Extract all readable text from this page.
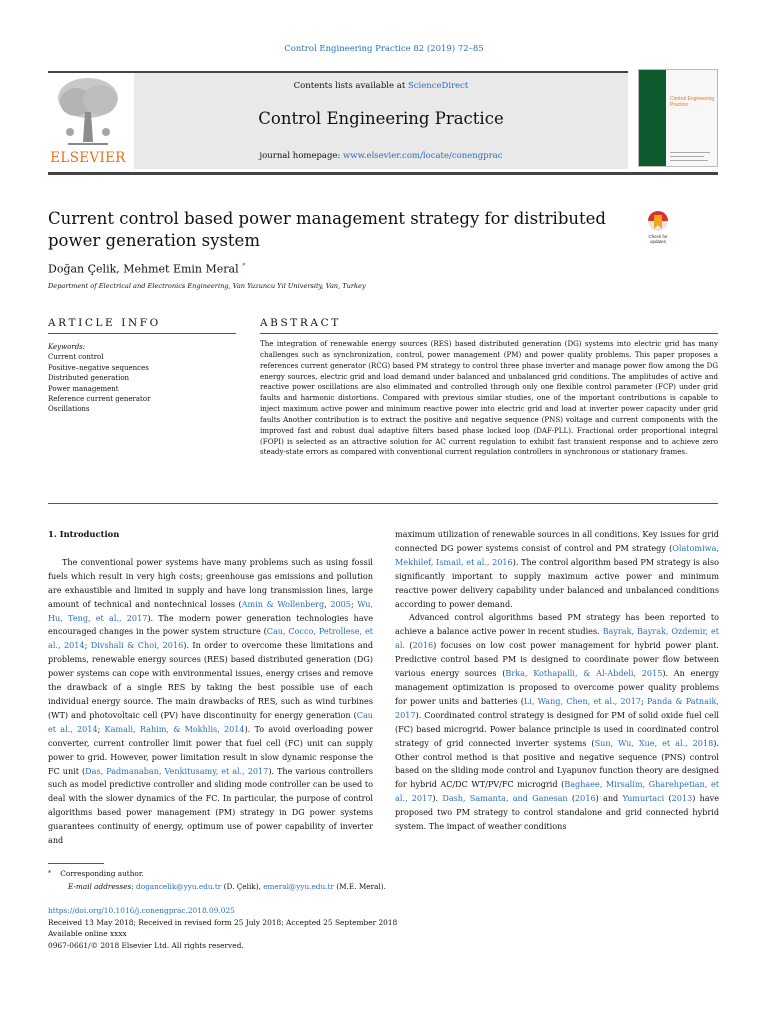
Control Engineering Practice 82 (2019) 72–85
Contents lists available at ScienceDirect
Control Engineering Practice
journal homepage: www.elsevier.com/locate/conengprac
ELSEVIER
Control Engineering Practice
Current control based power management strategy for distributed power generation system	Check for updates
Doğan Çelik, Mehmet Emin Meral *
Department of Electrical and Electronics Engineering, Van Yuzuncu Yıl University, Van, Turkey
ARTICLE INFO	ABSTRACT
Keywords:
Current control
Positive–negative sequences
Distributed generation
Power management
Reference current generator
Oscillations
The integration of renewable energy sources (RES) based distributed generation (DG) systems into electric grid has many challenges such as synchronization, control, power management (PM) and power quality problems. This paper proposes a references current generator (RCG) based PM strategy to control three phase inverter and manage power flow among the DG energy sources, electric grid and load demand under balanced and unbalanced grid conditions. The amplitudes of active and reactive power oscillations are also eliminated and controlled through only one flexible control parameter (FCP) under grid faults and harmonic distortions. Compared with previous similar studies, one of the important contributions is capable to inject maximum active power and minimum reactive power into electric grid and load at inverter power capacity under grid faults Another contribution is to extract the positive and negative sequence (PNS) voltage and current components with the improved fast and robust dual adaptive filters based phase locked loop (DAF-PLL). Fractional order proportional integral (FOPI) is selected as an attractive solution for AC current regulation to exhibit fast transient response and to achieve zero steady-state errors as compared with conventional current regulation controllers in synchronous or stationary frames.
1. Introduction

The conventional power systems have many problems such as using fossil fuels which result in very high costs; greenhouse gas emissions and pollution are exhaustible and limited in supply and have long transmission lines, large amount of technical and nontechnical losses (Amin & Wollenberg, 2005; Wu, Hu, Teng, et al., 2017). The modern power generation technologies have encouraged changes in the power system structure (Cau, Cocco, Petrollese, et al., 2014; Divshali & Choi, 2016). In order to overcome these limitations and problems, renewable energy sources (RES) based distributed generation (DG) power systems can cope with environmental issues, energy crises and remove the drawback of a single RES by taking the best possible use of each individual energy source. The main drawbacks of RES, such as wind turbines (WT) and photovoltaic cell (PV) have discontinuity for energy generation (Cau et al., 2014; Kamali, Rahim, & Mokhlis, 2014). To avoid overloading power converter, current controller limit power that fuel cell (FC) unit can supply power to grid. However, power limitation result in slow dynamic response the FC unit (Das, Padmanaban, Venkitusamy, et al., 2017). The various controllers such as model predictive controller and sliding mode controller can be used to deal with the slower dynamics of the FC. In particular, the purpose of control algorithms based power management (PM) strategy in DG power systems guarantees continuity of energy, optimum use of power capability of inverter and

maximum utilization of renewable sources in all conditions. Key issues for grid connected DG power systems consist of control and PM strategy (Olatomiwa, Mekhilef, Ismail, et al., 2016). The control algorithm based PM strategy is also significantly important to supply maximum active power and minimum reactive power delivery capability under balanced and unbalanced conditions according to power demand.

Advanced control algorithms based PM strategy has been reported to achieve a balance active power in recent studies. Bayrak, Bayrak, Ozdemir, et al. (2016) focuses on low cost power management for hybrid power plant. Predictive control based PM is designed to coordinate power flow between various energy sources (Brka, Kothapalli, & Al-Abdeli, 2015). An energy management optimization is proposed to overcome power quality problems for power units and batteries (Li, Wang, Chen, et al., 2017; Panda & Patnaik, 2017). Coordinated control strategy is designed for PM of solid oxide fuel cell (FC) based microgrid. Power balance principle is used in coordinated control strategy of grid connected inverter systems (Sun, Wu, Xue, et al., 2018). Other control method is that positive and negative sequence (PNS) control based on the sliding mode control and Lyapunov function theory are designed for hybrid AC/DC WT/PV/FC microgrid (Baghaee, Mirsalim, Gharehpetian, et al., 2017). Dash, Samanta, and Ganesan (2016) and Yumurtaci (2013) have proposed two PM strategy to control standalone and grid connected hybrid system. The impact of weather conditions

* Corresponding author.
E-mail addresses: dogancelik@yyu.edu.tr (D. Çelik), emeral@yyu.edu.tr (M.E. Meral).
https://doi.org/10.1016/j.conengprac.2018.09.025
Received 13 May 2018; Received in revised form 25 July 2018; Accepted 25 September 2018
Available online xxxx
0967-0661/© 2018 Elsevier Ltd. All rights reserved.
